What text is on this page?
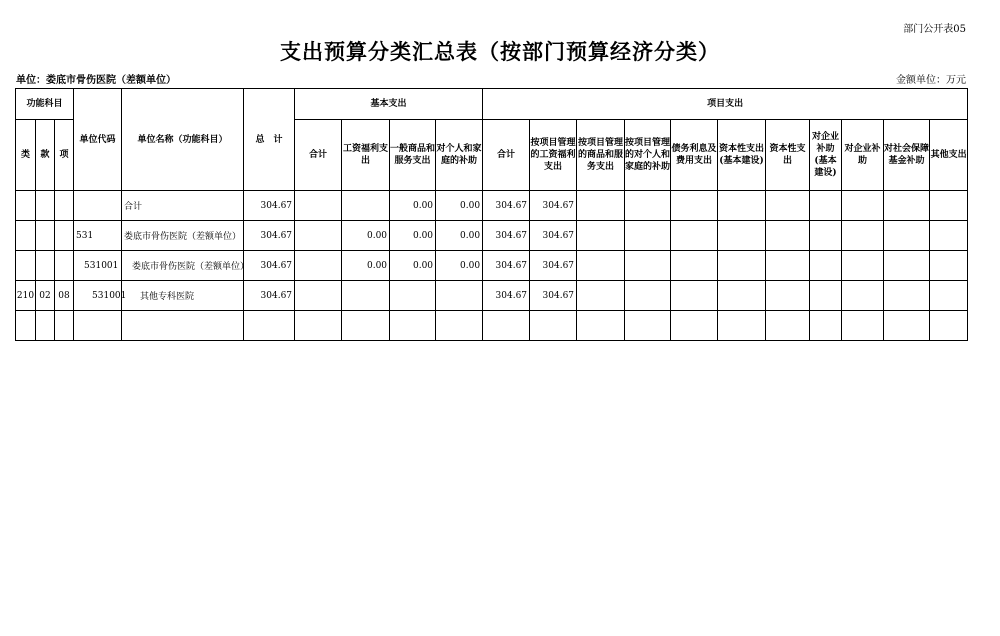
部门公开表05
支出预算分类汇总表（按部门预算经济分类）
单位：娄底市骨伤医院（差额单位）	金额单位：万元
功能科目			单位代码	单位名称（功能科目）	总　计	基本支出				项目支出										
类	款	项				合计	工资福利支出	一般商品和服务支出	对个人和家庭的补助	合计	按项目管理的工资福利支出	按项目管理的商品和服务支出	按项目管理的对个人和家庭的补助	债务利息及费用支出	资本性支出(基本建设)	资本性支出	对企业补助(基本建设)	对企业补助	对社会保障基金补助	其他支出
				合计	304.67			0.00	0.00	304.67	304.67									
			531	娄底市骨伤医院（差额单位）	304.67		0.00	0.00	0.00	304.67	304.67									
			531001	娄底市骨伤医院（差额单位）	304.67		0.00	0.00	0.00	304.67	304.67									
210	02	08	531001	其他专科医院	304.67					304.67	304.67									
